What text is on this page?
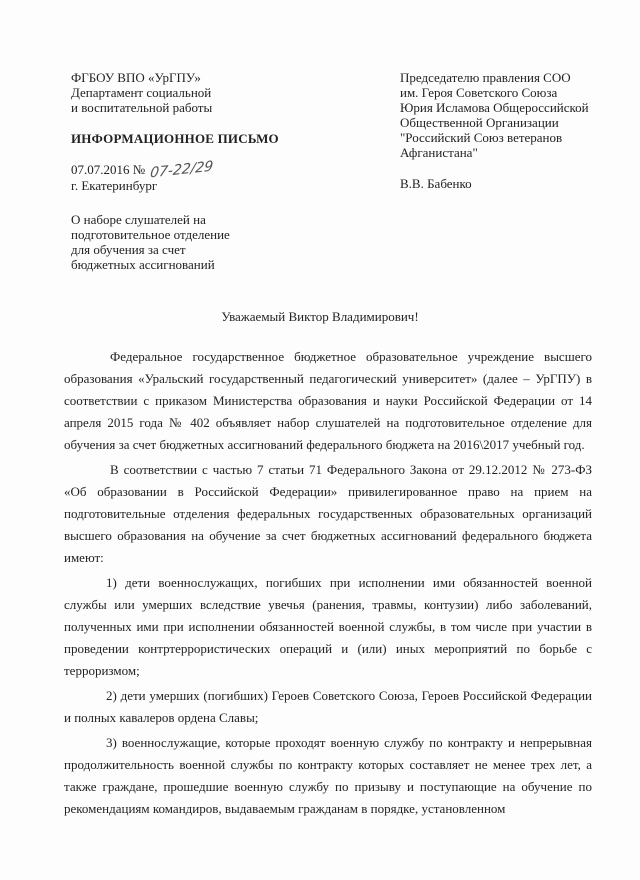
ФГБОУ ВПО «УрГПУ»
Департамент социальной
и воспитательной работы
ИНФОРМАЦИОННОЕ ПИСЬМО
07.07.2016 № 07-22/29
г. Екатеринбург
О наборе слушателей на
подготовительное отделение
для обучения за счет
бюджетных ассигнований
Председателю правления СОО
им. Героя Советского Союза
Юрия Исламова Общероссийской
Общественной Организации
"Российский Союз ветеранов
Афганистана"
В.В. Бабенко
Уважаемый Виктор Владимирович!

Федеральное государственное бюджетное образовательное учреждение высшего образования «Уральский государственный педагогический университет» (далее – УрГПУ) в соответствии с приказом Министерства образования и науки Российской Федерации от 14 апреля 2015 года № 402 объявляет набор слушателей на подготовительное отделение для обучения за счет бюджетных ассигнований федерального бюджета на 2016\2017 учебный год.

В соответствии с частью 7 статьи 71 Федерального Закона от 29.12.2012 № 273-ФЗ «Об образовании в Российской Федерации» привилегированное право на прием на подготовительные отделения федеральных государственных образовательных организаций высшего образования на обучение за счет бюджетных ассигнований федерального бюджета имеют:

1) дети военнослужащих, погибших при исполнении ими обязанностей военной службы или умерших вследствие увечья (ранения, травмы, контузии) либо заболеваний, полученных ими при исполнении обязанностей военной службы, в том числе при участии в проведении контртеррористических операций и (или) иных мероприятий по борьбе с терроризмом;

2) дети умерших (погибших) Героев Советского Союза, Героев Российской Федерации и полных кавалеров ордена Славы;

3) военнослужащие, которые проходят военную службу по контракту и непрерывная продолжительность военной службы по контракту которых составляет не менее трех лет, а также граждане, прошедшие военную службу по призыву и поступающие на обучение по рекомендациям командиров, выдаваемым гражданам в порядке, установленном
